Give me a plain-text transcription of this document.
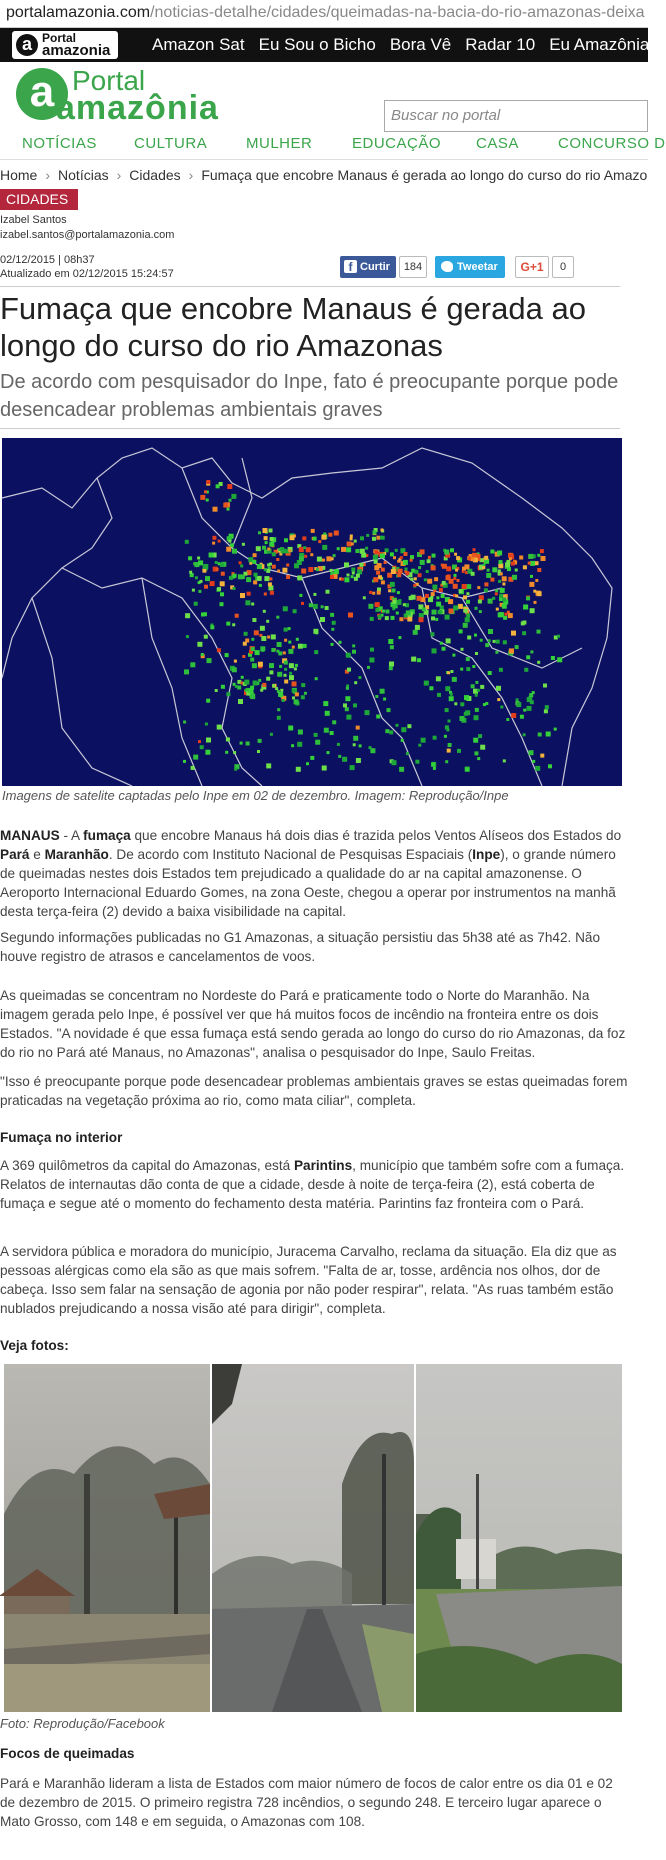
portalamazonia.com/noticias-detalhe/cidades/queimadas-na-bacia-do-rio-amazonas-deixa
a Portal
amazonia Amazon Sat Eu Sou o Bicho Bora Vê Radar 10 Eu Amazônia
a Portal
amazônia	Buscar no portal
NOTÍCIAS CULTURA	MULHER	EDUCAÇÃO CASA	CONCURSO D
Home › Notícias › Cidades › Fumaça que encobre Manaus é gerada ao longo do curso do rio Amazo
CIDADES
Izabel Santos
izabel.santos@portalamazonia.com
02/12/2015 | 08h37
Atualizado em 02/12/2015 15:24:57	f Curtir	184	Tweetar	G+1	0
Fumaça que encobre Manaus é gerada ao longo do curso do rio Amazonas
De acordo com pesquisador do Inpe, fato é preocupante porque pode desencadear problemas ambientais graves
Imagens de satelite captadas pelo Inpe em 02 de dezembro. Imagem: Reprodução/Inpe

MANAUS - A fumaça que encobre Manaus há dois dias é trazida pelos Ventos Alíseos dos Estados do Pará e Maranhão. De acordo com Instituto Nacional de Pesquisas Espaciais (Inpe), o grande número de queimadas nestes dois Estados tem prejudicado a qualidade do ar na capital amazonense. O Aeroporto Internacional Eduardo Gomes, na zona Oeste, chegou a operar por instrumentos na manhã desta terça-feira (2) devido a baixa visibilidade na capital.

Segundo informações publicadas no G1 Amazonas, a situação persistiu das 5h38 até as 7h42. Não houve registro de atrasos e cancelamentos de voos.

As queimadas se concentram no Nordeste do Pará e praticamente todo o Norte do Maranhão. Na imagem gerada pelo Inpe, é possível ver que há muitos focos de incêndio na fronteira entre os dois Estados. "A novidade é que essa fumaça está sendo gerada ao longo do curso do rio Amazonas, da foz do rio no Pará até Manaus, no Amazonas", analisa o pesquisador do Inpe, Saulo Freitas.

"Isso é preocupante porque pode desencadear problemas ambientais graves se estas queimadas forem praticadas na vegetação próxima ao rio, como mata ciliar", completa.

Fumaça no interior

A 369 quilômetros da capital do Amazonas, está Parintins, município que também sofre com a fumaça. Relatos de internautas dão conta de que a cidade, desde à noite de terça-feira (2), está coberta de fumaça e segue até o momento do fechamento desta matéria. Parintins faz fronteira com o Pará.

A servidora pública e moradora do município, Juracema Carvalho, reclama da situação. Ela diz que as pessoas alérgicas como ela são as que mais sofrem. "Falta de ar, tosse, ardência nos olhos, dor de cabeça. Isso sem falar na sensação de agonia por não poder respirar", relata. "As ruas também estão nublados prejudicando a nossa visão até para dirigir", completa.

Veja fotos:
Foto: Reprodução/Facebook
Focos de queimadas

Pará e Maranhão lideram a lista de Estados com maior número de focos de calor entre os dia 01 e 02 de dezembro de 2015. O primeiro registra 728 incêndios, o segundo 248. E terceiro lugar aparece o Mato Grosso, com 148 e em seguida, o Amazonas com 108.
